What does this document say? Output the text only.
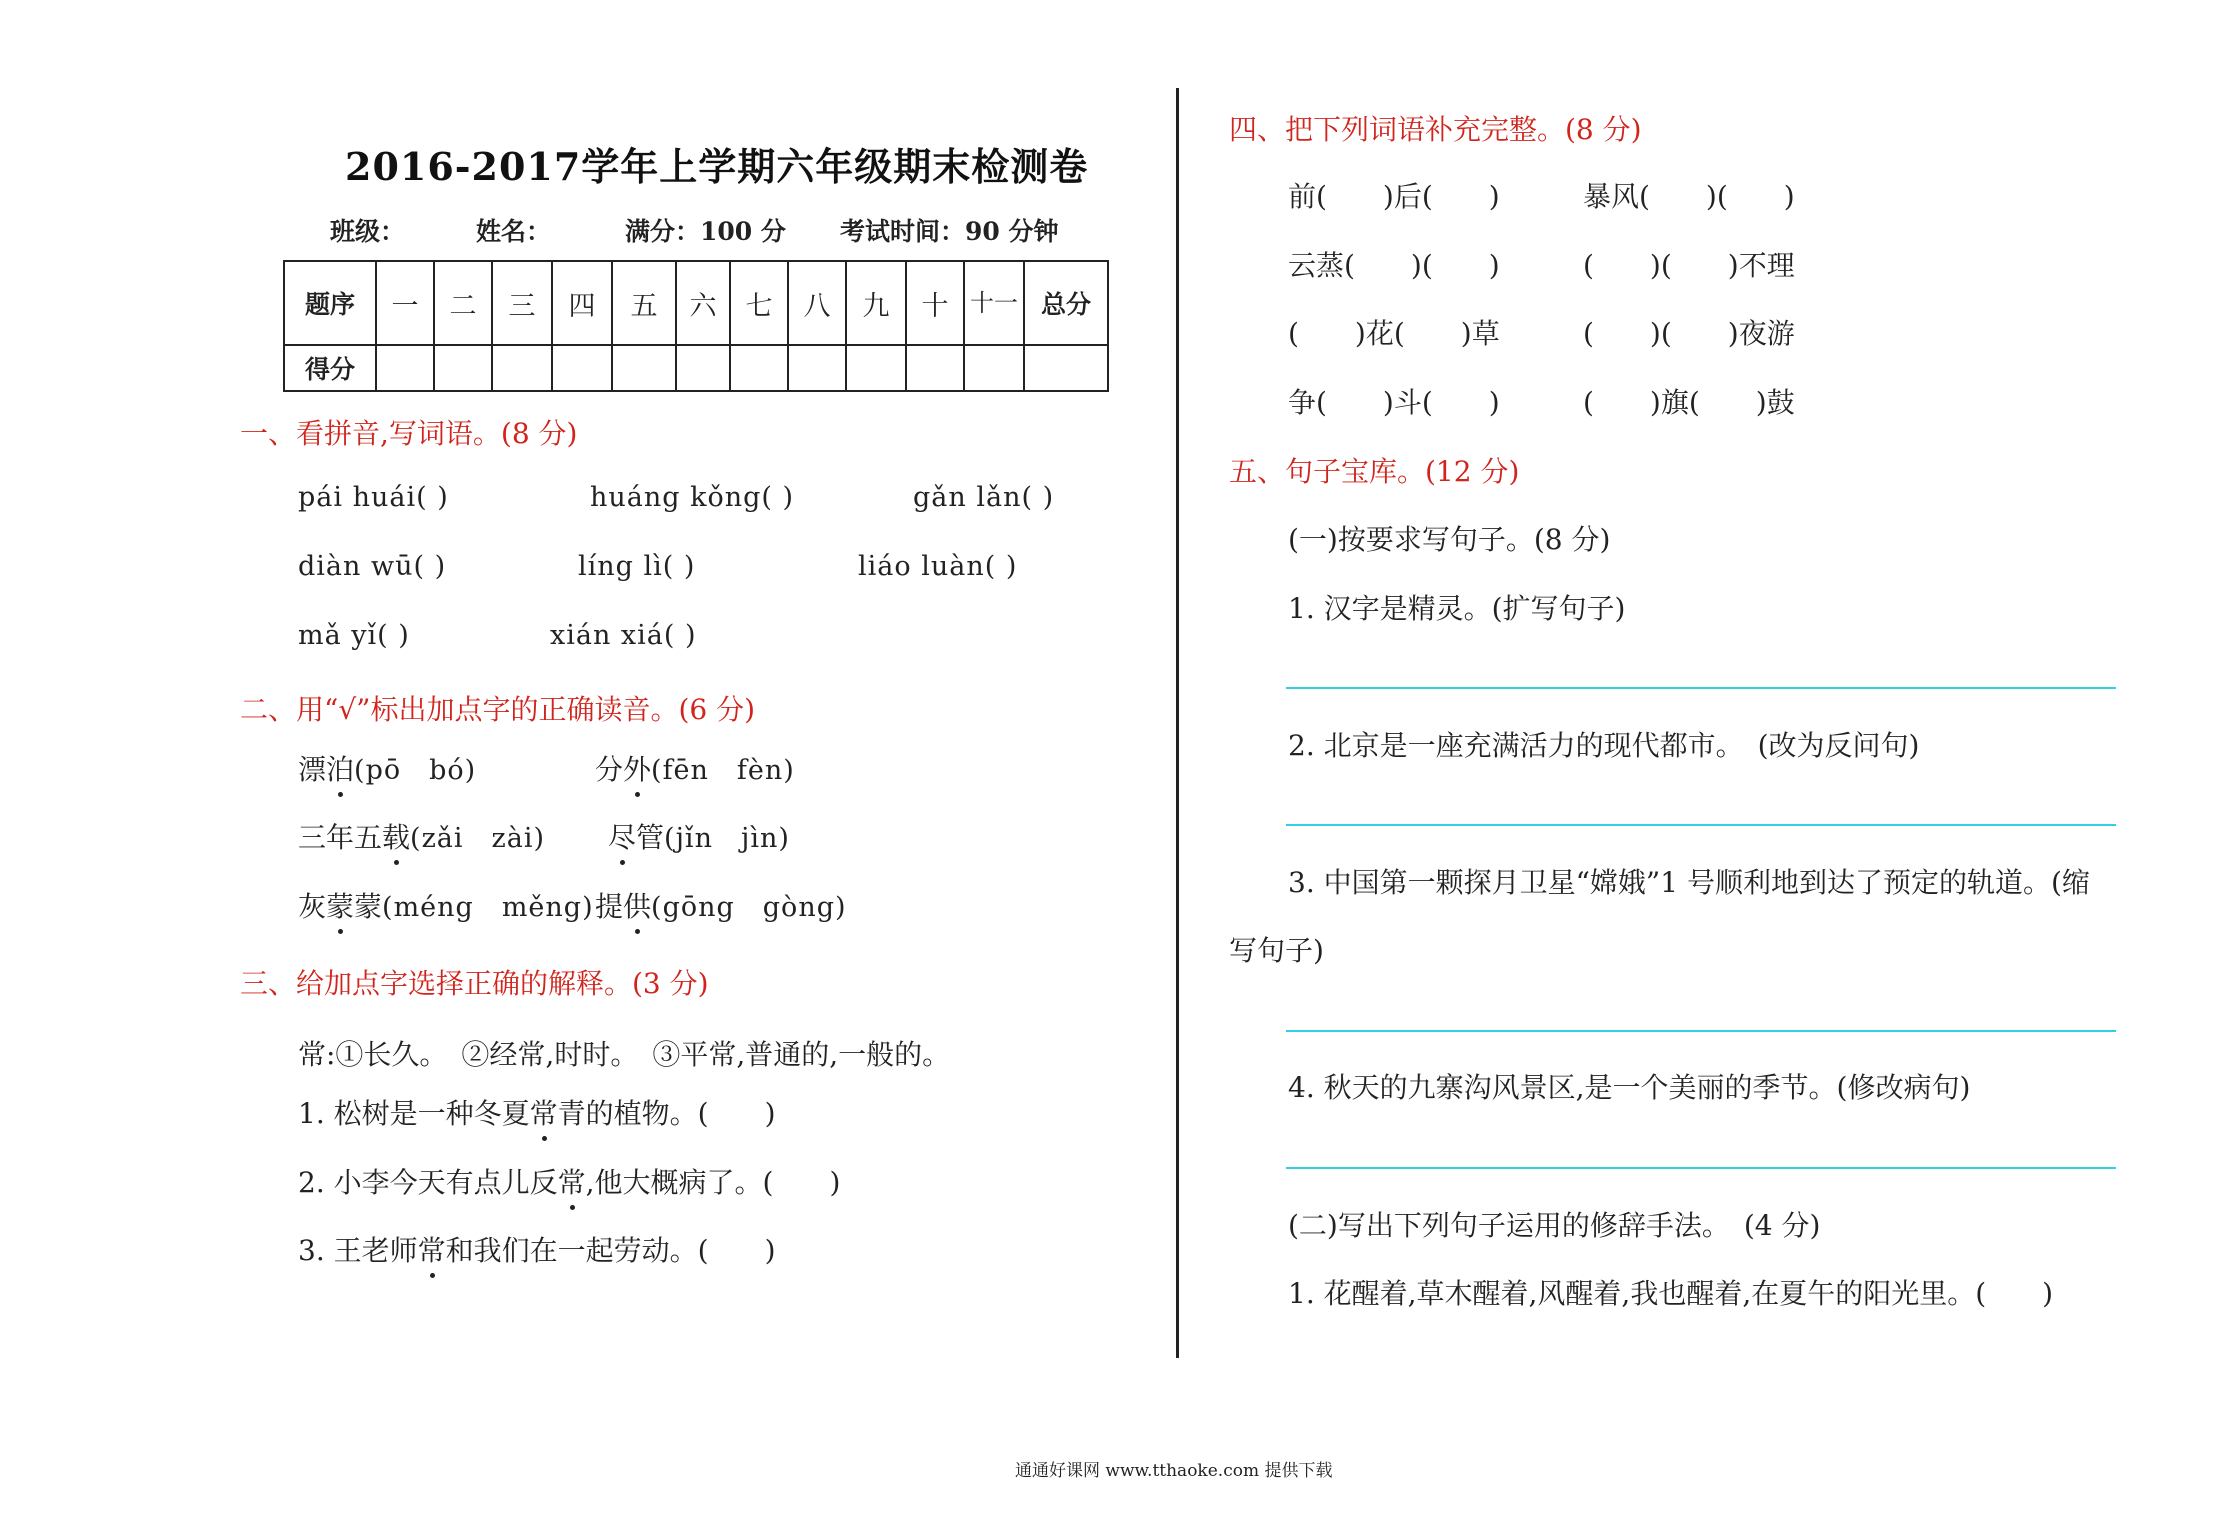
2016-2017学年上学期六年级期末检测卷
班级：	姓名：	满分：100 分 考试时间：90 分钟
题序	一	二	三	四	五	六	七	八	九	十	十一	总分
得分												
一、看拼音,写词语。(8 分)
pái huái( )	huáng kǒng( )	gǎn lǎn( )
diàn wū( )	líng lì( )	liáo luàn( )
mǎ yǐ( )	xián xiá( )
二、用“√”标出加点字的正确读音。(6 分)
漂泊(pō　bó)	分外(fēn　fèn)
三年五载(zǎi　zài) 尽管(jǐn　jìn)
灰蒙蒙(méng　měng) 提供(gōng　gòng)
三、给加点字选择正确的解释。(3 分)
常:①长久。　②经常,时时。　③平常,普通的,一般的。
1. 松树是一种冬夏常青的植物。(　　)
2. 小李今天有点儿反常,他大概病了。(　　)
3. 王老师常和我们在一起劳动。(　　)
四、把下列词语补充完整。(8 分)
前(　　)后(　　)	暴风(　　)(　　)
云蒸(　　)(　　)	(　　)(　　)不理
(　　)花(　　)草	(　　)(　　)夜游
争(　　)斗(　　)	(　　)旗(　　)鼓
五、句子宝库。(12 分)
(一)按要求写句子。(8 分)
1. 汉字是精灵。(扩写句子)
2. 北京是一座充满活力的现代都市。　(改为反问句)
3. 中国第一颗探月卫星“嫦娥”1 号顺利地到达了预定的轨道。(缩
写句子)
4. 秋天的九寨沟风景区,是一个美丽的季节。(修改病句)
(二)写出下列句子运用的修辞手法。　(4 分)
1. 花醒着,草木醒着,风醒着,我也醒着,在夏午的阳光里。(　　)
通通好课网 www.tthaoke.com 提供下载
